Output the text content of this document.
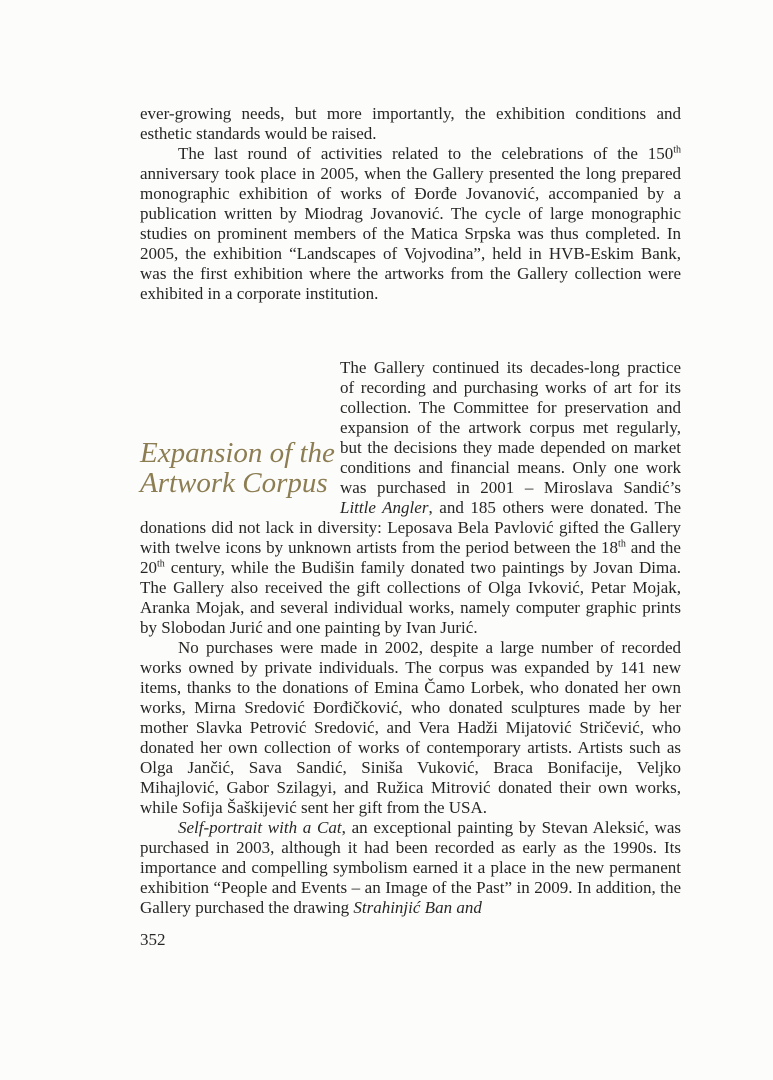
ever-growing needs, but more importantly, the exhibition conditions and esthetic standards would be raised.

The last round of activities related to the celebrations of the 150th anniversary took place in 2005, when the Gallery presented the long prepared monographic exhibition of works of Đorđe Jovanović, accompanied by a publication written by Miodrag Jovanović. The cycle of large monographic studies on prominent members of the Matica Srpska was thus completed. In 2005, the exhibition “Landscapes of Vojvodina”, held in HVB-Eskim Bank, was the first exhibition where the artworks from the Gallery collection were exhibited in a corporate institution.

Expansion of the
Artwork Corpus
The Gallery continued its decades-long practice of recording and purchasing works of art for its collection. The Committee for preservation and expansion of the artwork corpus met regularly, but the decisions they made depended on market conditions and financial means. Only one work was purchased in 2001 – Miroslava Sandić’s Little Angler, and 185 others were donated. The donations did not lack in diversity: Leposava Bela Pavlović gifted the Gallery with twelve icons by unknown artists from the period between the 18th and the 20th century, while the Budišin family donated two paintings by Jovan Dima. The Gallery also received the gift collections of Olga Ivković, Petar Mojak, Aranka Mojak, and several individual works, namely computer graphic prints by Slobodan Jurić and one painting by Ivan Jurić.

No purchases were made in 2002, despite a large number of recorded works owned by private individuals. The corpus was expanded by 141 new items, thanks to the donations of Emina Čamo Lorbek, who donated her own works, Mirna Sredović Đorđičković, who donated sculptures made by her mother Slavka Petrović Sredović, and Vera Hadži Mijatović Stričević, who donated her own collection of works of contemporary artists. Artists such as Olga Jančić, Sava Sandić, Siniša Vuković, Braca Bonifacije, Veljko Mihajlović, Gabor Szilagyi, and Ružica Mitrović donated their own works, while Sofija Šaškijević sent her gift from the USA.

Self-portrait with a Cat, an exceptional painting by Stevan Aleksić, was purchased in 2003, although it had been recorded as early as the 1990s. Its importance and compelling symbolism earned it a place in the new permanent exhibition “People and Events – an Image of the Past” in 2009. In addition, the Gallery purchased the drawing Strahinjić Ban and

352
